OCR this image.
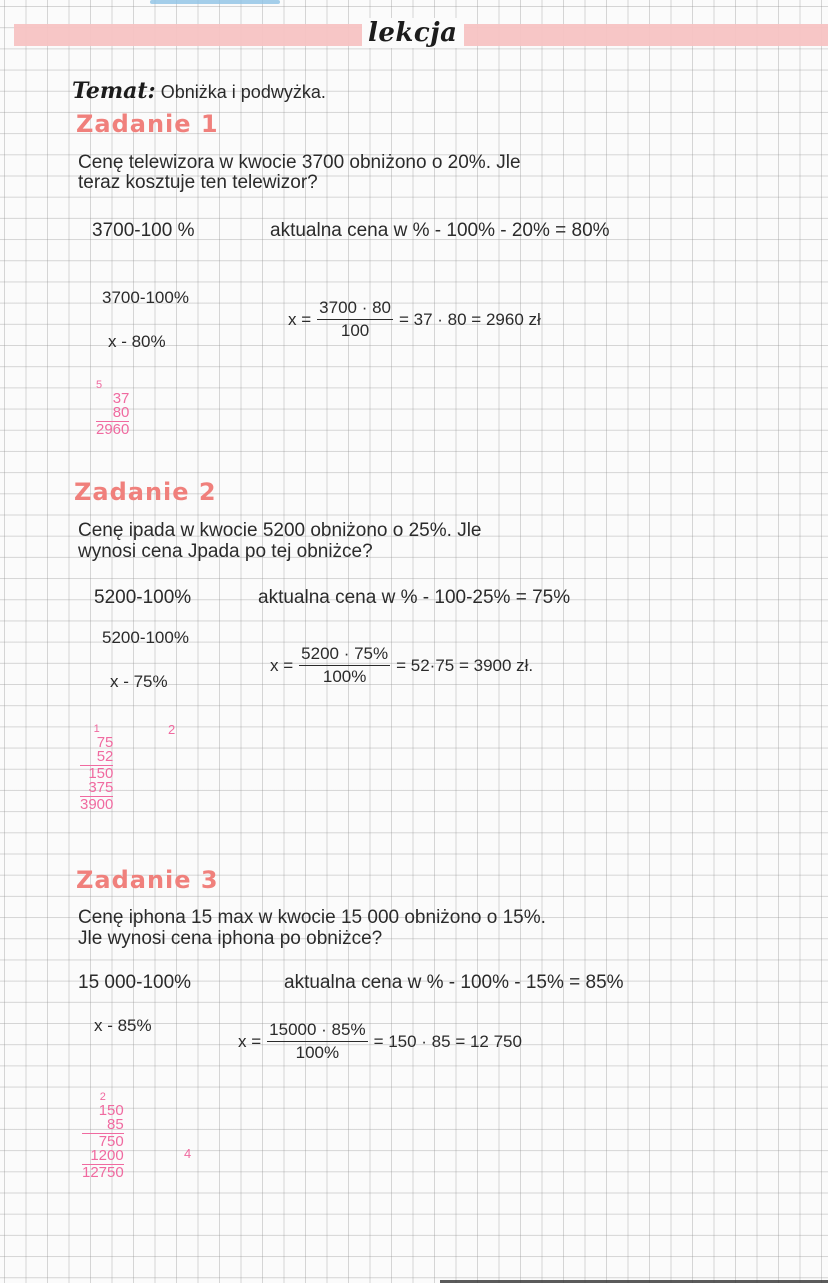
lekcja
Temat: Obniżka i podwyżka.
Zadanie 1
Cenę telewizora w kwocie 3700 obniżono o 20%. Jle
teraz kosztuje ten telewizor?
3700-100 %	aktualna cena w % - 100% - 20% = 80%
3700-100%
x - 80%
$x = \frac{3700 \cdot 80}{100} = 37 \cdot 80 = 2960$ zł
5
37
80
2960
Zadanie 2
Cenę ipada w kwocie 5200 obniżono o 25%. Jle
wynosi cena Jpada po tej obniżce?
5200-100%	aktualna cena w % - 100-25% = 75%
5200-100%
x - 75%
$x = \frac{5200 \cdot 75\%}{100\%} = 52\cdot 75 = 3900$ zł.
2
1
75
52
150
375
3900
Zadanie 3
Cenę iphona 15 max w kwocie 15 000 obniżono o 15%.
Jle wynosi cena iphona po obniżce?
15 000-100%	aktualna cena w % - 100% - 15% = 85%
x - 85%
$x = \frac{15000 \cdot 85\%}{100\%} = 150 \cdot 85 = 12$ 750
4
2
150
85
750
1200
12750
